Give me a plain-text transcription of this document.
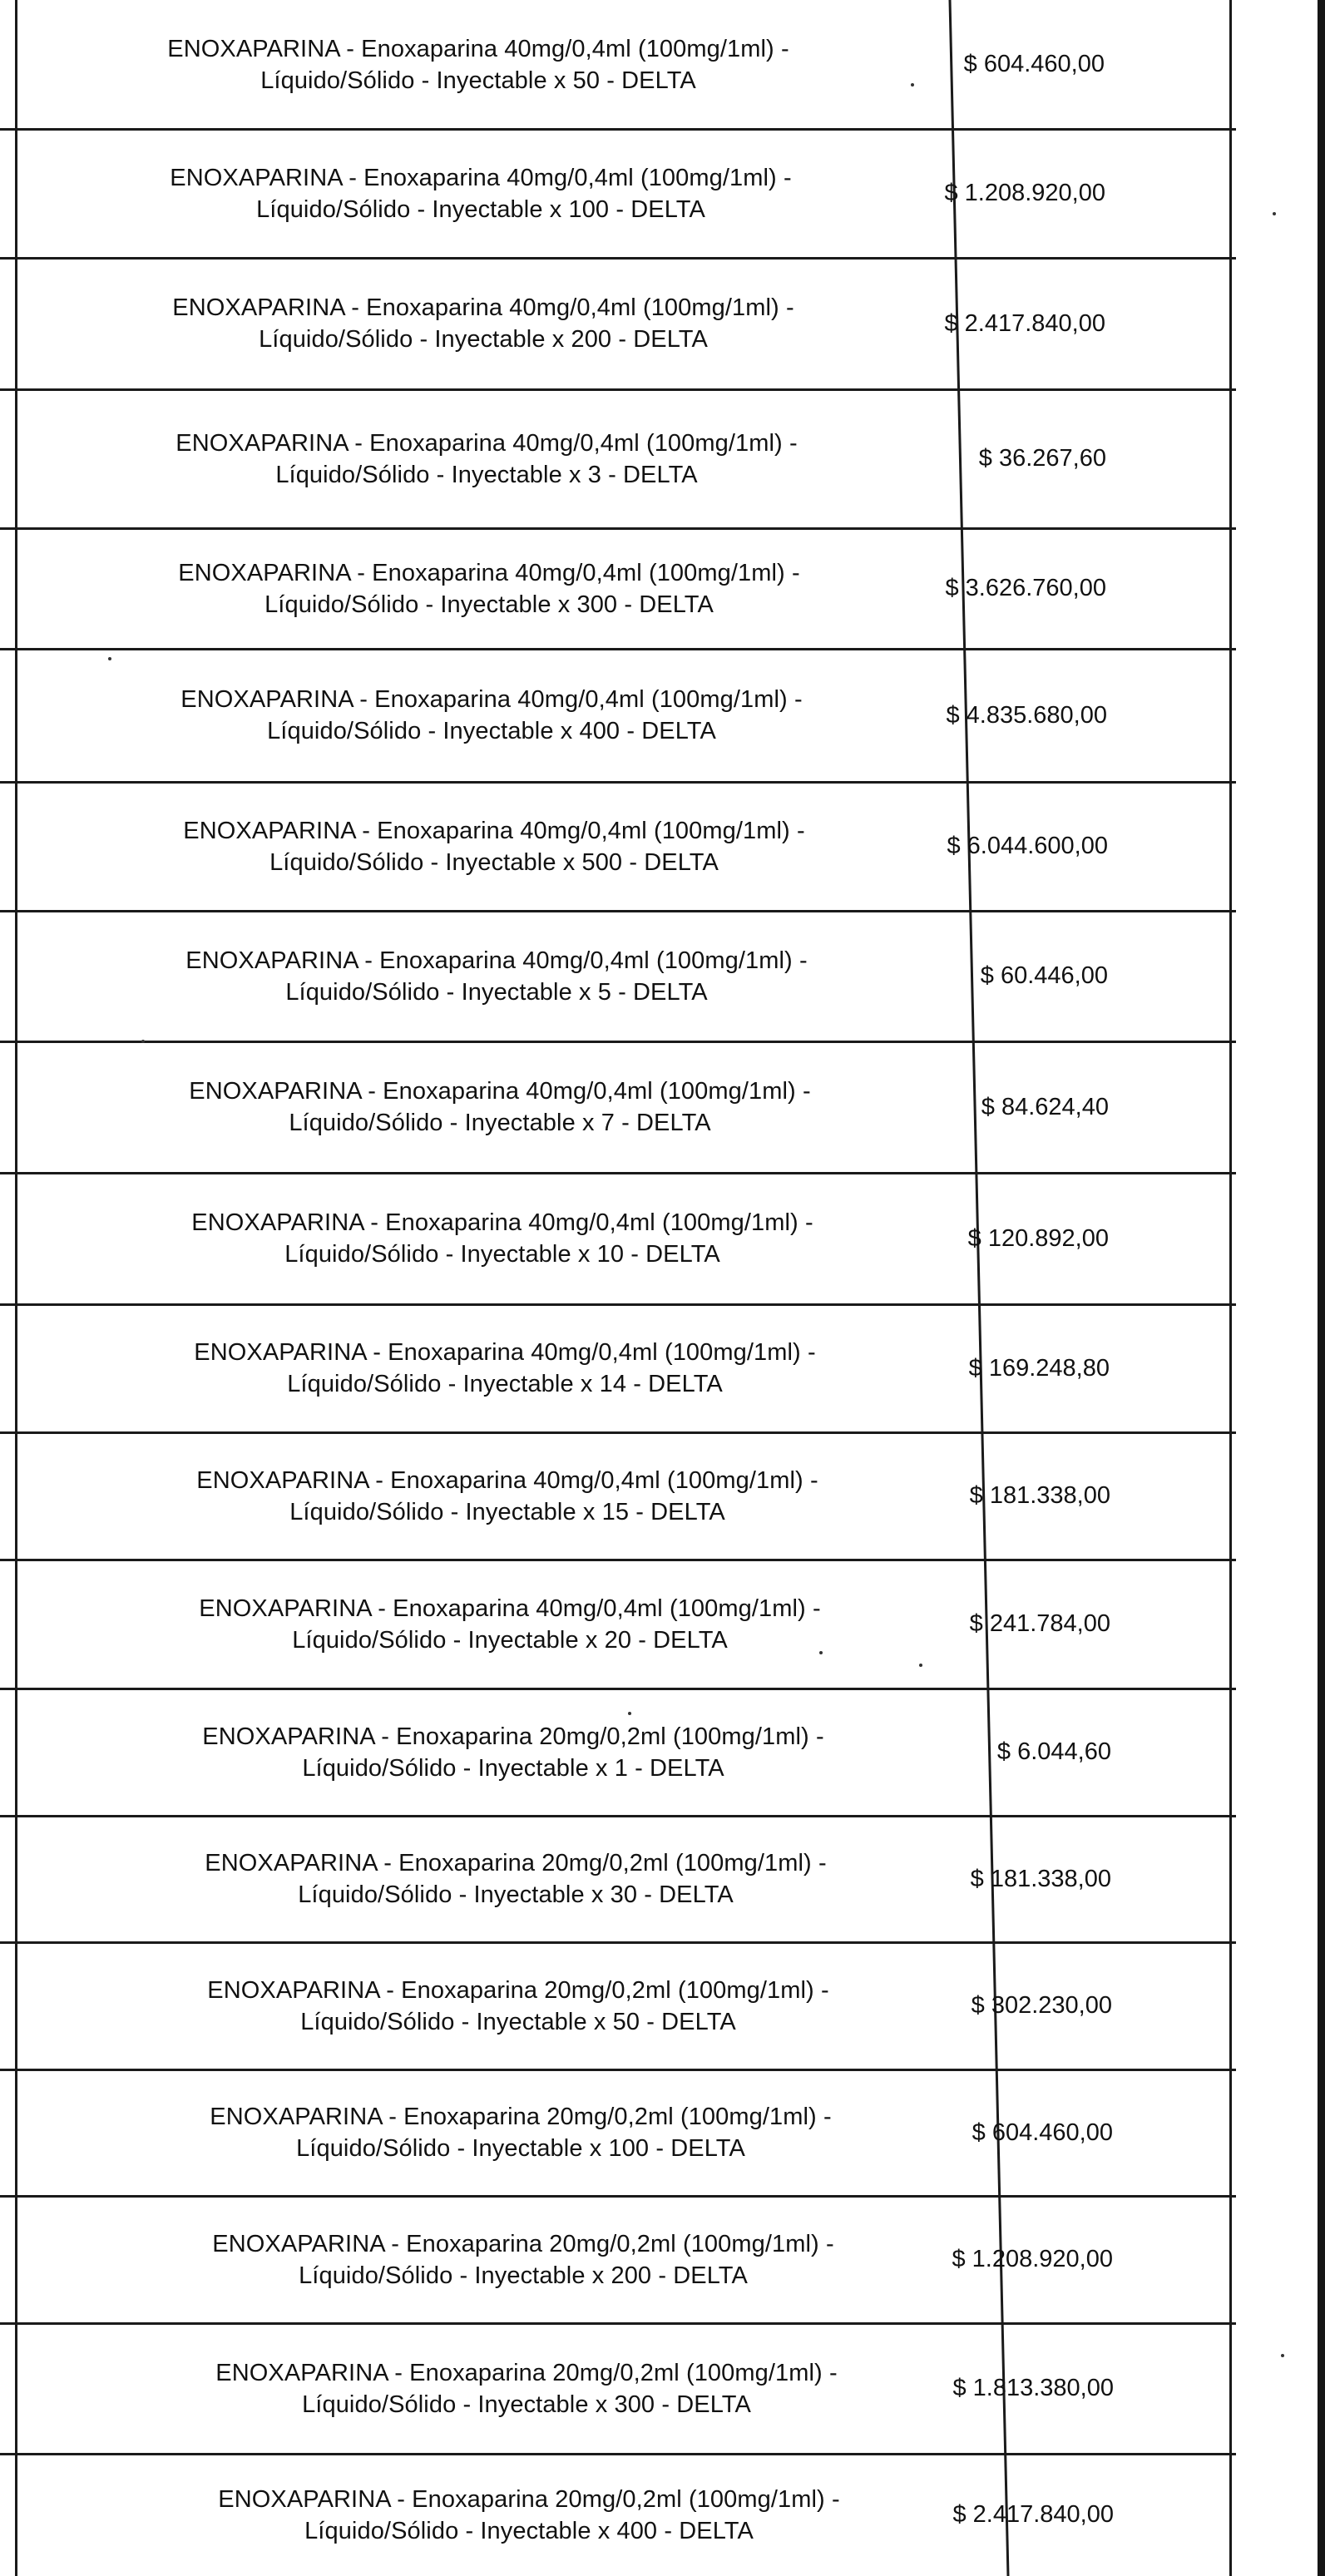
ENOXAPARINA - Enoxaparina 40mg/0,4ml (100mg/1ml) -
Líquido/Sólido - Inyectable x 50 - DELTA
$ 604.460,00
ENOXAPARINA - Enoxaparina 40mg/0,4ml (100mg/1ml) -
Líquido/Sólido - Inyectable x 100 - DELTA
$ 1.208.920,00
ENOXAPARINA - Enoxaparina 40mg/0,4ml (100mg/1ml) -
Líquido/Sólido - Inyectable x 200 - DELTA
$ 2.417.840,00
ENOXAPARINA - Enoxaparina 40mg/0,4ml (100mg/1ml) -
Líquido/Sólido - Inyectable x 3 - DELTA
$ 36.267,60
ENOXAPARINA - Enoxaparina 40mg/0,4ml (100mg/1ml) -
Líquido/Sólido - Inyectable x 300 - DELTA
$ 3.626.760,00
ENOXAPARINA - Enoxaparina 40mg/0,4ml (100mg/1ml) -
Líquido/Sólido - Inyectable x 400 - DELTA
$ 4.835.680,00
ENOXAPARINA - Enoxaparina 40mg/0,4ml (100mg/1ml) -
Líquido/Sólido - Inyectable x 500 - DELTA
$ 6.044.600,00
ENOXAPARINA - Enoxaparina 40mg/0,4ml (100mg/1ml) -
Líquido/Sólido - Inyectable x 5 - DELTA
$ 60.446,00
ENOXAPARINA - Enoxaparina 40mg/0,4ml (100mg/1ml) -
Líquido/Sólido - Inyectable x 7 - DELTA
$ 84.624,40
ENOXAPARINA - Enoxaparina 40mg/0,4ml (100mg/1ml) -
Líquido/Sólido - Inyectable x 10 - DELTA
$ 120.892,00
ENOXAPARINA - Enoxaparina 40mg/0,4ml (100mg/1ml) -
Líquido/Sólido - Inyectable x 14 - DELTA
$ 169.248,80
ENOXAPARINA - Enoxaparina 40mg/0,4ml (100mg/1ml) -
Líquido/Sólido - Inyectable x 15 - DELTA
$ 181.338,00
ENOXAPARINA - Enoxaparina 40mg/0,4ml (100mg/1ml) -
Líquido/Sólido - Inyectable x 20 - DELTA
$ 241.784,00
ENOXAPARINA - Enoxaparina 20mg/0,2ml (100mg/1ml) -
Líquido/Sólido - Inyectable x 1 - DELTA
$ 6.044,60
ENOXAPARINA - Enoxaparina 20mg/0,2ml (100mg/1ml) -
Líquido/Sólido - Inyectable x 30 - DELTA
$ 181.338,00
ENOXAPARINA - Enoxaparina 20mg/0,2ml (100mg/1ml) -
Líquido/Sólido - Inyectable x 50 - DELTA
$ 302.230,00
ENOXAPARINA - Enoxaparina 20mg/0,2ml (100mg/1ml) -
Líquido/Sólido - Inyectable x 100 - DELTA
$ 604.460,00
ENOXAPARINA - Enoxaparina 20mg/0,2ml (100mg/1ml) -
Líquido/Sólido - Inyectable x 200 - DELTA
$ 1.208.920,00
ENOXAPARINA - Enoxaparina 20mg/0,2ml (100mg/1ml) -
Líquido/Sólido - Inyectable x 300 - DELTA
$ 1.813.380,00
ENOXAPARINA - Enoxaparina 20mg/0,2ml (100mg/1ml) -
Líquido/Sólido - Inyectable x 400 - DELTA
$ 2.417.840,00
